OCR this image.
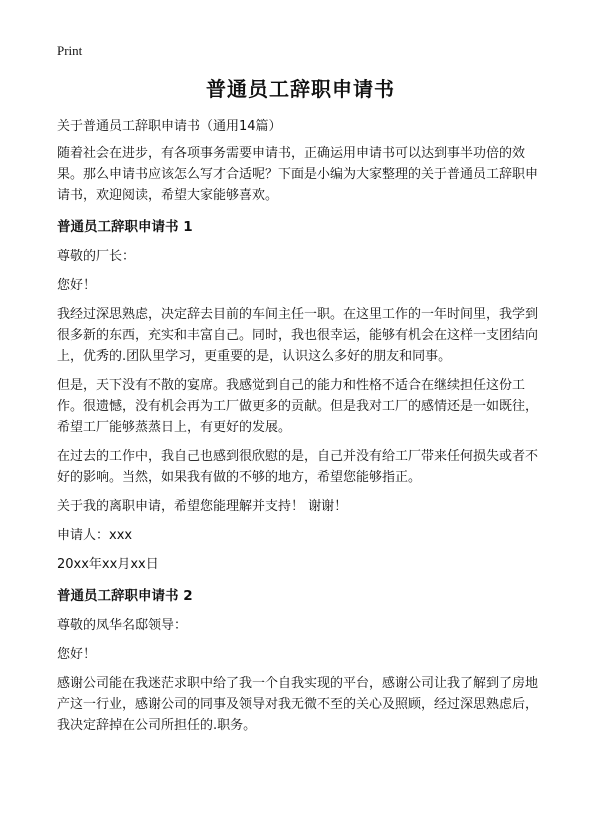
Print
普通员工辞职申请书

关于普通员工辞职申请书（通用14篇）

随着社会在进步，有各项事务需要申请书，正确运用申请书可以达到事半功倍的效果。那么申请书应该怎么写才合适呢？下面是小编为大家整理的关于普通员工辞职申请书，欢迎阅读，希望大家能够喜欢。

普通员工辞职申请书 1

尊敬的厂长：

您好！

我经过深思熟虑，决定辞去目前的车间主任一职。在这里工作的一年时间里，我学到很多新的东西，充实和丰富自己。同时，我也很幸运，能够有机会在这样一支团结向上，优秀的.团队里学习，更重要的是，认识这么多好的朋友和同事。

但是，天下没有不散的宴席。我感觉到自己的能力和性格不适合在继续担任这份工作。很遗憾，没有机会再为工厂做更多的贡献。但是我对工厂的感情还是一如既往，希望工厂能够蒸蒸日上，有更好的发展。

在过去的工作中，我自己也感到很欣慰的是，自己并没有给工厂带来任何损失或者不好的影响。当然，如果我有做的不够的地方，希望您能够指正。

关于我的离职申请，希望您能理解并支持！ 谢谢！

申请人：xxx

20xx年xx月xx日

普通员工辞职申请书 2

尊敬的凤华名邸领导：

您好！

感谢公司能在我迷茫求职中给了我一个自我实现的平台，感谢公司让我了解到了房地产这一行业，感谢公司的同事及领导对我无微不至的关心及照顾，经过深思熟虑后，我决定辞掉在公司所担任的.职务。
